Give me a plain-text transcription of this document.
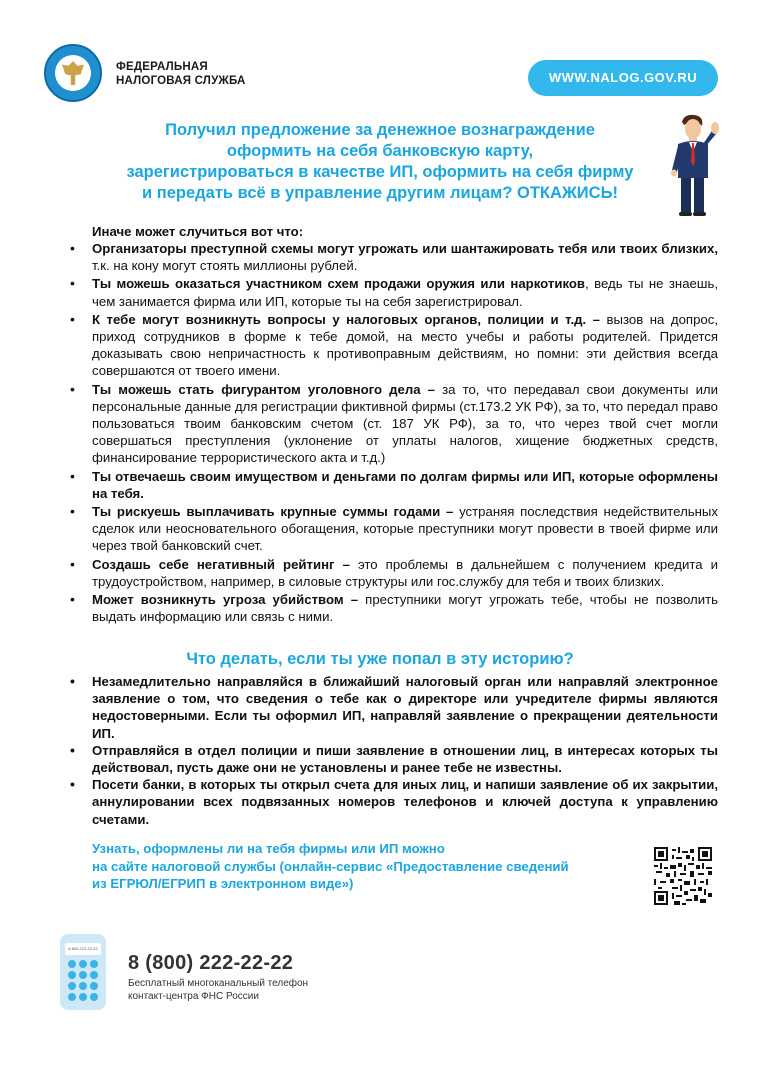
ФЕДЕРАЛЬНАЯ
НАЛОГОВАЯ СЛУЖБА	WWW.NALOG.GOV.RU
Получил предложение за денежное вознаграждение
оформить на себя банковскую карту,
зарегистрироваться в качестве ИП, оформить на себя фирму
и передать всё в управление другим лицам? ОТКАЖИСЬ!
Иначе может случиться вот что:
• Организаторы преступной схемы могут угрожать или шантажировать тебя или твоих близких, т.к. на кону могут стоять миллионы рублей.
• Ты можешь оказаться участником схем продажи оружия или наркотиков, ведь ты не знаешь, чем занимается фирма или ИП, которые ты на себя зарегистрировал.
• К тебе могут возникнуть вопросы у налоговых органов, полиции и т.д. – вызов на допрос, приход сотрудников в форме к тебе домой, на место учебы и работы родителей. Придется доказывать свою непричастность к противоправным действиям, но помни: эти действия всегда совершаются от твоего имени.
• Ты можешь стать фигурантом уголовного дела – за то, что передавал свои документы или персональные данные для регистрации фиктивной фирмы (ст.173.2 УК РФ), за то, что передал право пользоваться твоим банковским счетом (ст. 187 УК РФ), за то, что через твой счет могли совершаться преступления (уклонение от уплаты налогов, хищение бюджетных средств, финансирование террористического акта и т.д.)
• Ты отвечаешь своим имуществом и деньгами по долгам фирмы или ИП, которые оформлены на тебя.
• Ты рискуешь выплачивать крупные суммы годами – устраняя последствия недействительных сделок или неосновательного обогащения, которые преступники могут провести в твоей фирме или через твой банковский счет.
• Создашь себе негативный рейтинг – это проблемы в дальнейшем с получением кредита и трудоустройством, например, в силовые структуры или гос.службу для тебя и твоих близких.
• Может возникнуть угроза убийством – преступники могут угрожать тебе, чтобы не позволить выдать информацию или связь с ними.
Что делать, если ты уже попал в эту историю?
• Незамедлительно направляйся в ближайший налоговый орган или направляй электронное заявление о том, что сведения о тебе как о директоре или учредителе фирмы являются недостоверными. Если ты оформил ИП, направляй заявление о прекращении деятельности ИП.
• Отправляйся в отдел полиции и пиши заявление в отношении лиц, в интересах которых ты действовал, пусть даже они не установлены и ранее тебе не известны.
• Посети банки, в которых ты открыл счета для иных лиц, и напиши заявление об их закрытии, аннулировании всех подвязанных номеров телефонов и ключей доступа к управлению счетами.
Узнать, оформлены ли на тебя фирмы или ИП можно
на сайте налоговой службы (онлайн-сервис «Предоставление сведений
из ЕГРЮЛ/ЕГРИП в электронном виде»)
8 800 222-22-22
8 (800) 222-22-22
Бесплатный многоканальный телефон
контакт-центра ФНС России
